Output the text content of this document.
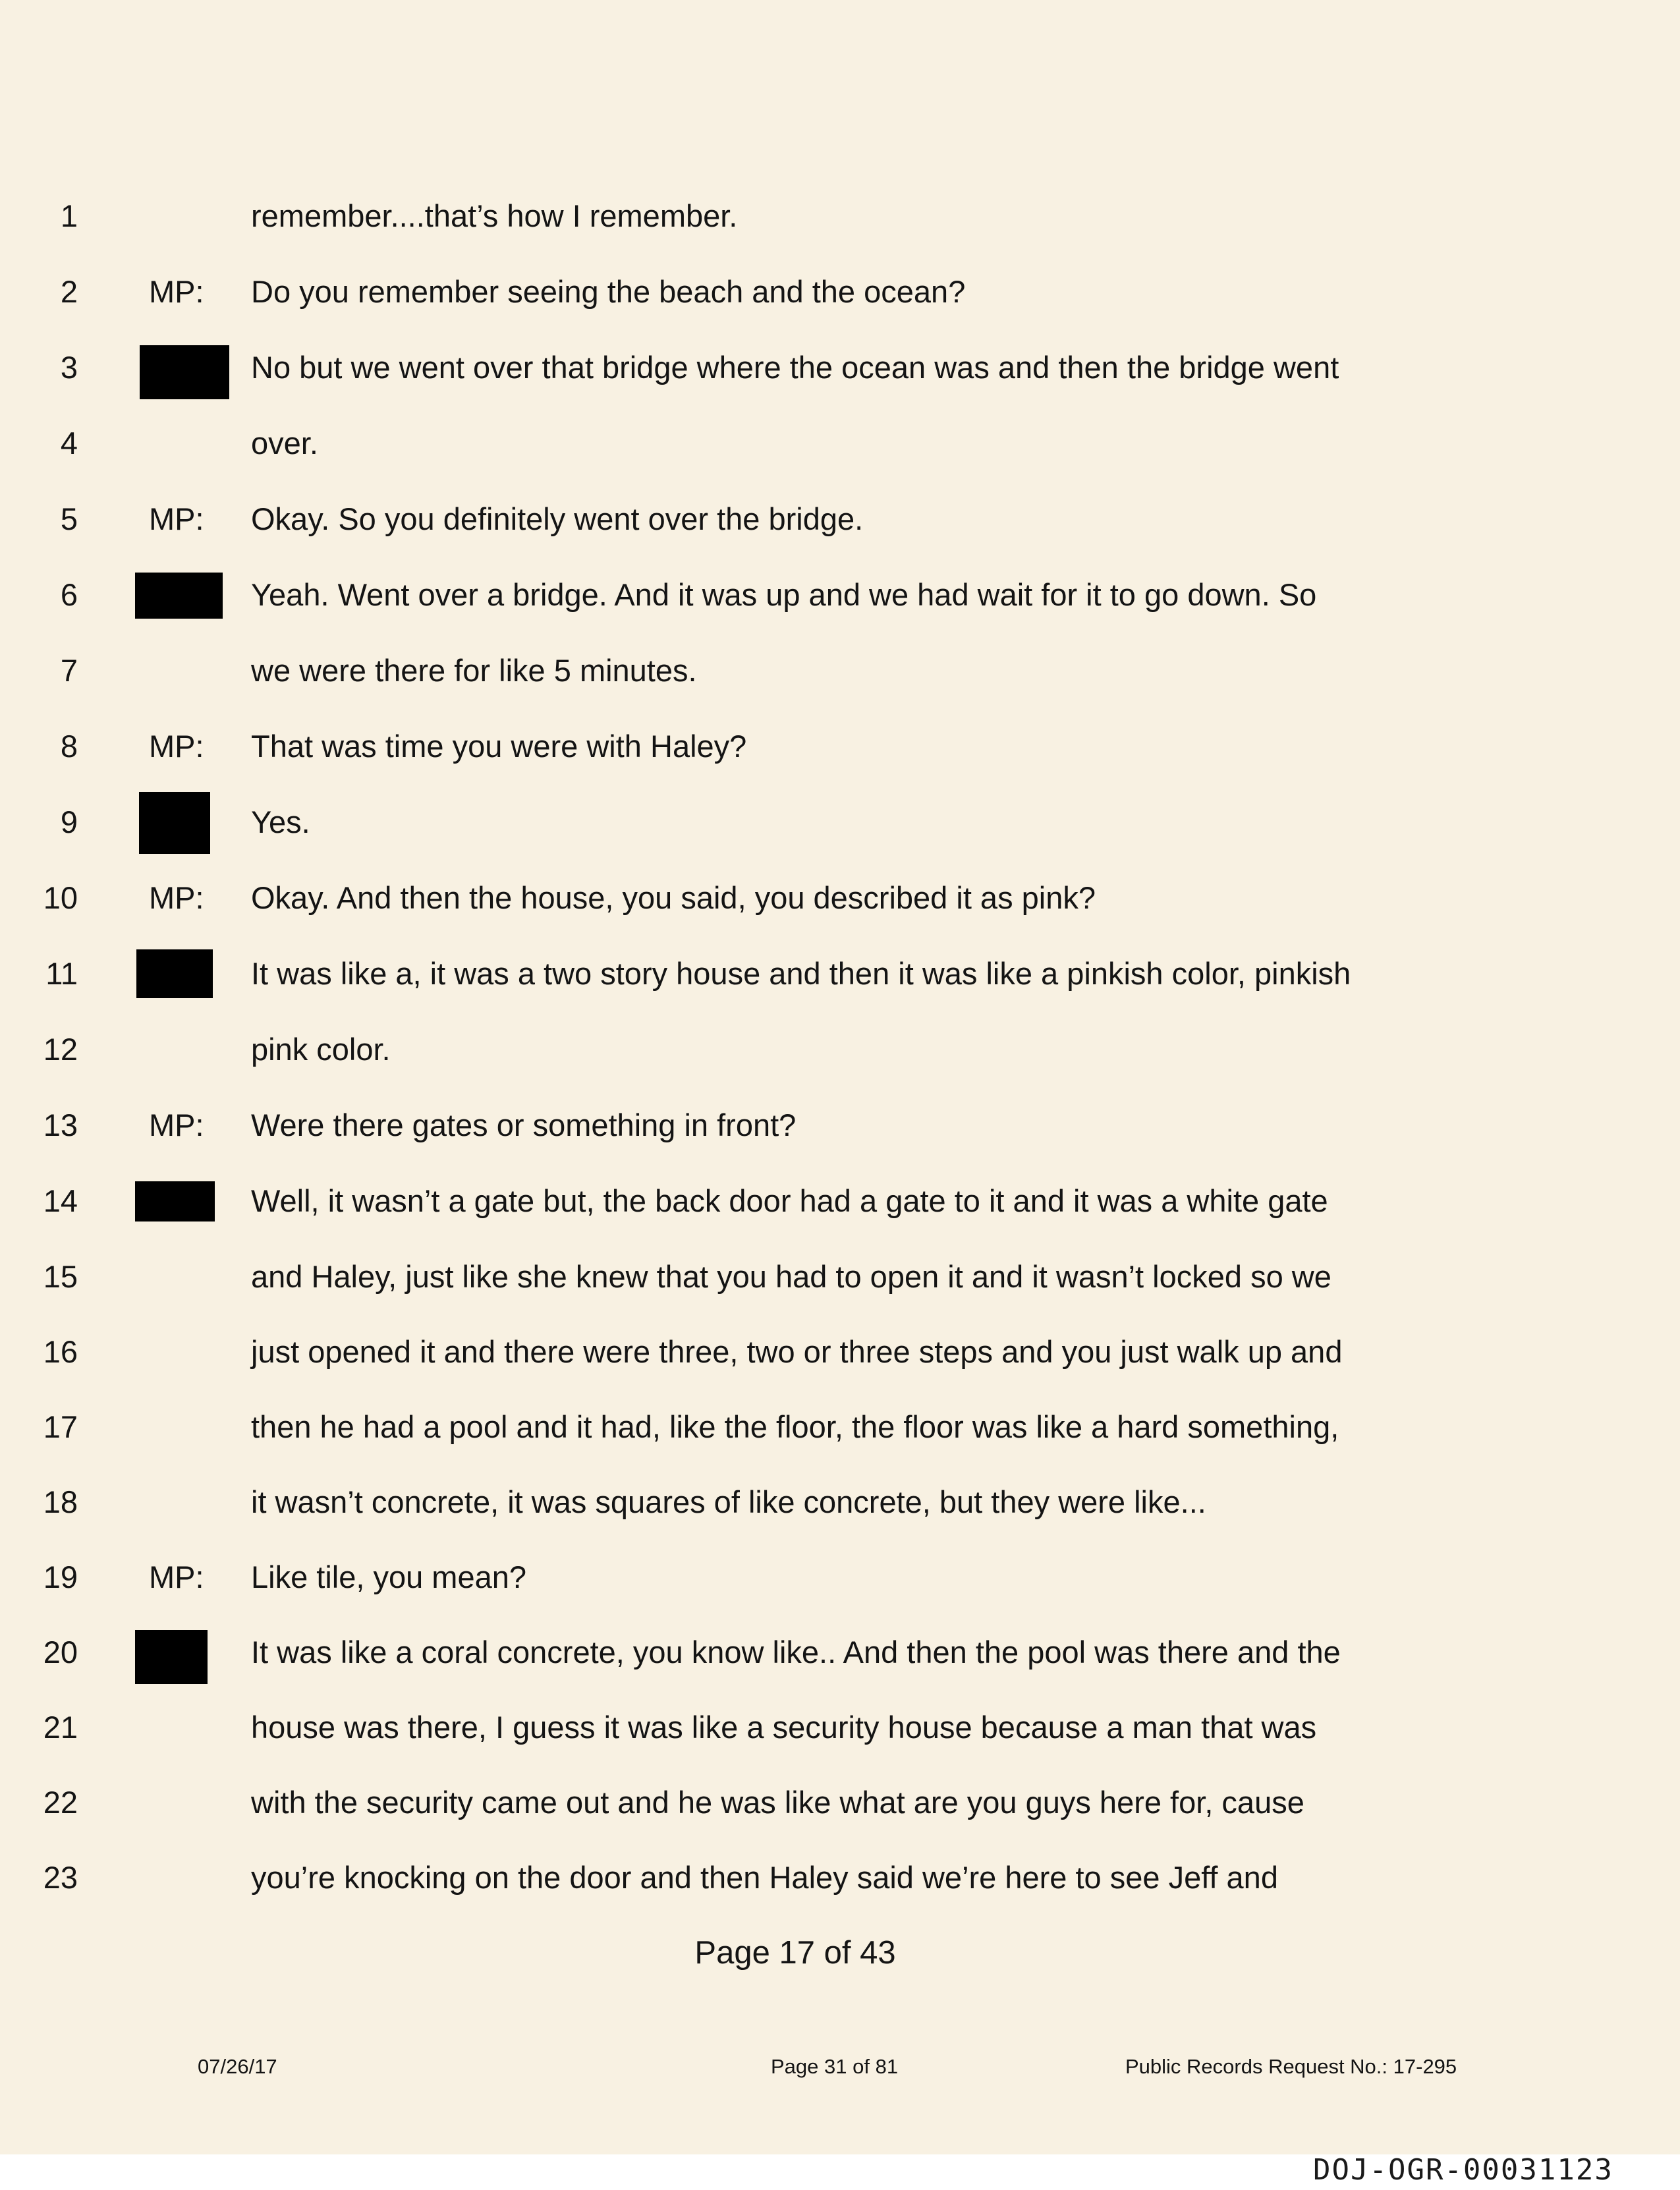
1	remember....that’s how I remember.
2 MP: Do you remember seeing the beach and the ocean?
3	No but we went over that bridge where the ocean was and then the bridge went
4	over.
5 MP: Okay. So you definitely went over the bridge.
6	Yeah. Went over a bridge. And it was up and we had wait for it to go down. So
7	we were there for like 5 minutes.
8 MP: That was time you were with Haley?
9	Yes.
10 MP: Okay. And then the house, you said, you described it as pink?
11	It was like a, it was a two story house and then it was like a pinkish color, pinkish
12	pink color.
13 MP: Were there gates or something in front?
14	Well, it wasn’t a gate but, the back door had a gate to it and it was a white gate
15	and Haley, just like she knew that you had to open it and it wasn’t locked so we
16	just opened it and there were three, two or three steps and you just walk up and
17	then he had a pool and it had, like the floor, the floor was like a hard something,
18	it wasn’t concrete, it was squares of like concrete, but they were like...
19 MP: Like tile, you mean?
20	It was like a coral concrete, you know like.. And then the pool was there and the
21	house was there, I guess it was like a security house because a man that was
22	with the security came out and he was like what are you guys here for, cause
23	you’re knocking on the door and then Haley said we’re here to see Jeff and
Page 17 of 43
07/26/17	Page 31 of 81	Public Records Request No.: 17-295
DOJ-OGR-00031123
